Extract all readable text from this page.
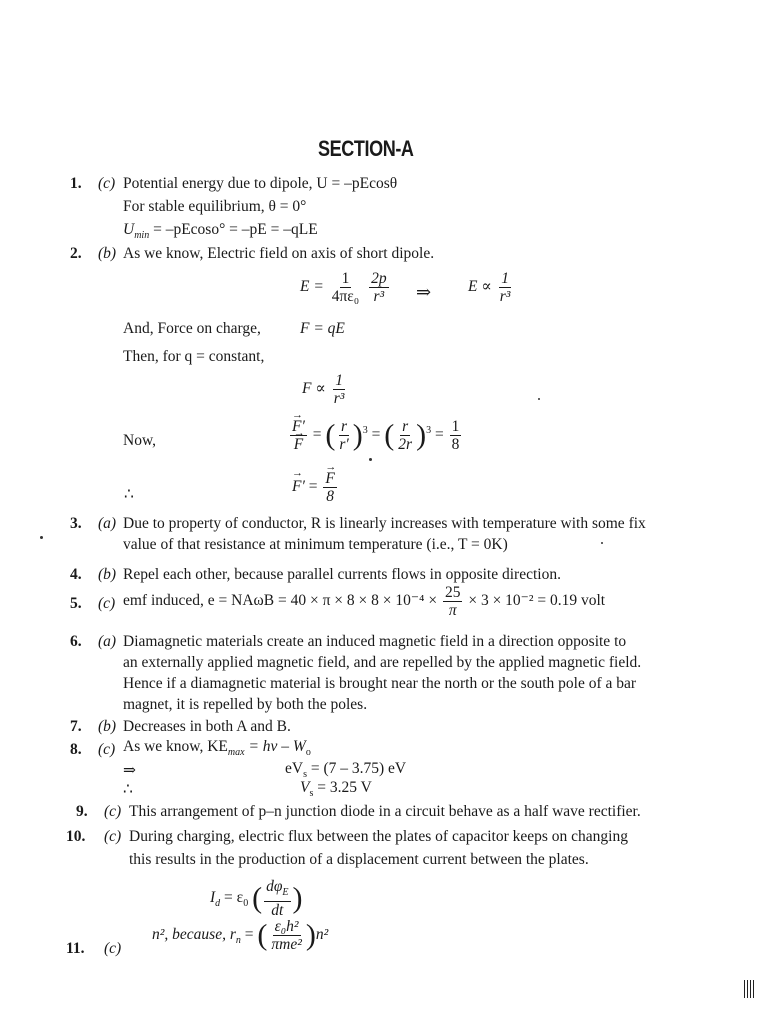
SECTION-A
1. (c) Potential energy due to dipole, U = –pEcosθ
For stable equilibrium, θ = 0°
$U_{min} = -pEcoso^\circ = -pE = -qLE$
2. (b) As we know, Electric field on axis of short dipole.
$E = \frac{1}{\text{4πε₀}}$
$\frac{2p}{\text{r³}}$ ⇒ $E \propto \frac{1}{\text{r³}}$
And, Force on charge,	F = qE
Then, for q = constant,
$F \propto \frac{1}{\text{r³}}$
Now,	→ F′
→ F = ( $\frac{r}{r'} )^3$ = ( $\frac{r}{2r} )^3 = \frac{1}{8}$
∴	→ F′ = → $\frac{F}{8}$
3. (a) Due to property of conductor, R is linearly increases with temperature with some fix
value of that resistance at minimum temperature (i.e., T = 0K)
4. (b) Repel each other, because parallel currents flows in opposite direction.
5. (c) emf induced, $e = NA\omega B = 40 \times \pi \times 8 \times 8 \times 10^{-4} \times \frac{25}{\pi} \times 3 \times 10^{-2} = 0.19$ volt
6. (a) Diamagnetic materials create an induced magnetic field in a direction opposite to
an externally applied magnetic field, and are repelled by the applied magnetic field.
Hence if a diamagnetic material is brought near the north or the south pole of a bar
magnet, it is repelled by both the poles.
7. (b) Decreases in both A and B.
8. (c) As we know, $KE_{max} = h\nu - W_o$
⇒	$eV_s = (7 - 3.75)$ eV
∴	$V_s = 3.25$ V
9. (c) This arrangement of p–n junction diode in a circuit behave as a half wave rectifier.
10. (c) During charging, electric flux between the plates of capacitor keeps on changing
this results in the production of a displacement current between the plates.
$I_d = \varepsilon_0$ ( $\frac{d\varphi_E}{dt}$ )
11. (c)
n², because, $r_n$ = ( $\frac{\text{ε₀h²}}{\text{πme²}} )n^2$
